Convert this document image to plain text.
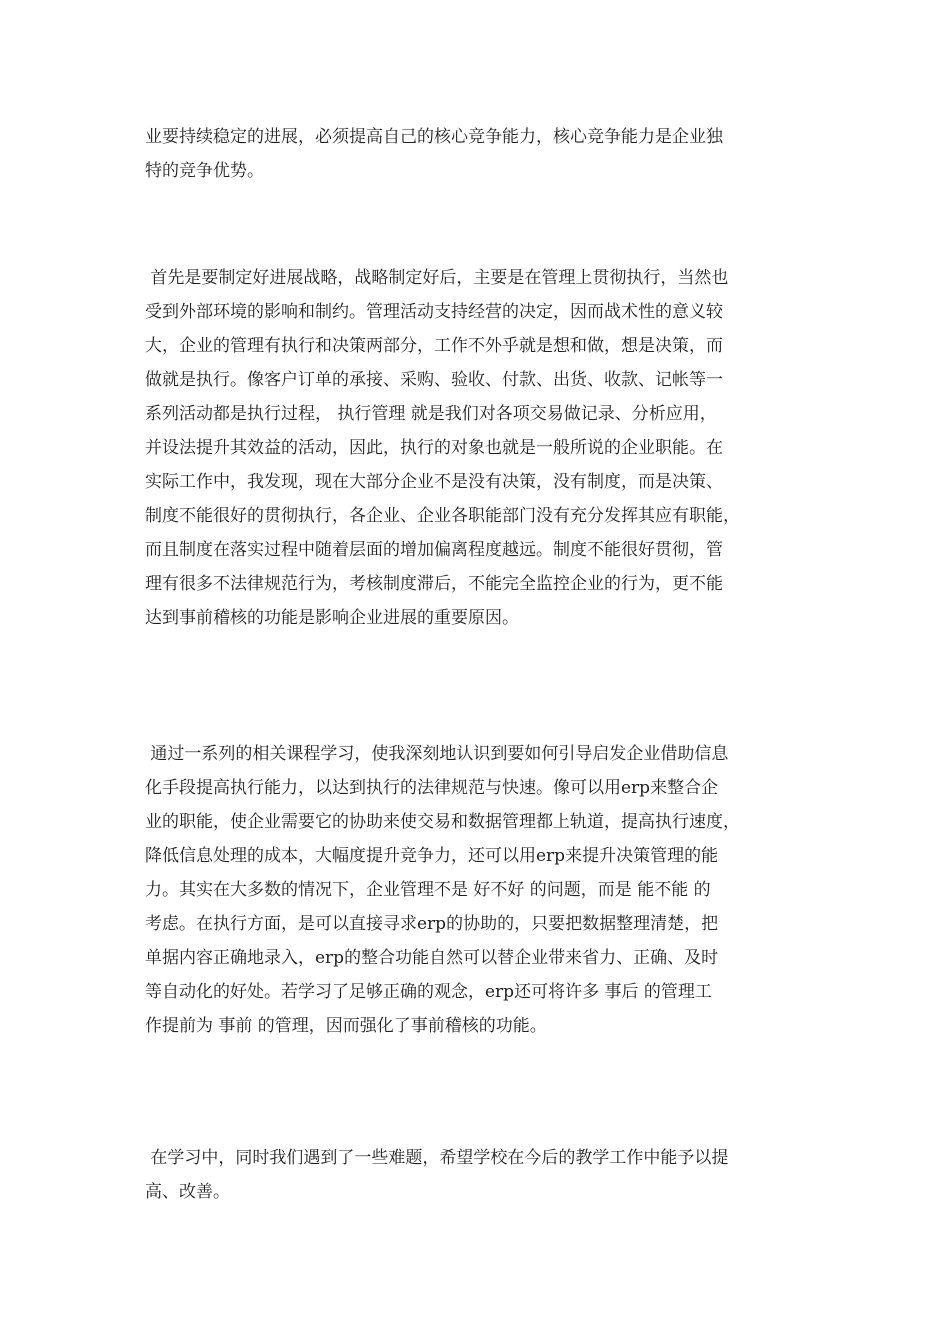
业要持续稳定的进展，必须提高自己的核心竞争能力，核心竞争能力是企业独
特的竞争优势。

首先是要制定好进展战略，战略制定好后，主要是在管理上贯彻执行，当然也
受到外部环境的影响和制约。管理活动支持经营的决定，因而战术性的意义较
大，企业的管理有执行和决策两部分，工作不外乎就是想和做，想是决策，而
做就是执行。像客户订单的承接、采购、验收、付款、出货、收款、记帐等一
系列活动都是执行过程， 执行管理 就是我们对各项交易做记录、分析应用，
并设法提升其效益的活动，因此，执行的对象也就是一般所说的企业职能。在
实际工作中，我发现，现在大部分企业不是没有决策，没有制度，而是决策、
制度不能很好的贯彻执行，各企业、企业各职能部门没有充分发挥其应有职能，
而且制度在落实过程中随着层面的增加偏离程度越远。制度不能很好贯彻，管
理有很多不法律规范行为，考核制度滞后，不能完全监控企业的行为，更不能
达到事前稽核的功能是影响企业进展的重要原因。

通过一系列的相关课程学习，使我深刻地认识到要如何引导启发企业借助信息
化手段提高执行能力，以达到执行的法律规范与快速。像可以用erp来整合企
业的职能，使企业需要它的协助来使交易和数据管理都上轨道，提高执行速度，
降低信息处理的成本，大幅度提升竞争力，还可以用erp来提升决策管理的能
力。其实在大多数的情况下，企业管理不是 好不好 的问题，而是 能不能 的
考虑。在执行方面，是可以直接寻求erp的协助的，只要把数据整理清楚，把
单据内容正确地录入，erp的整合功能自然可以替企业带来省力、正确、及时
等自动化的好处。若学习了足够正确的观念，erp还可将许多 事后 的管理工
作提前为 事前 的管理，因而强化了事前稽核的功能。

在学习中，同时我们遇到了一些难题，希望学校在今后的教学工作中能予以提
高、改善。
